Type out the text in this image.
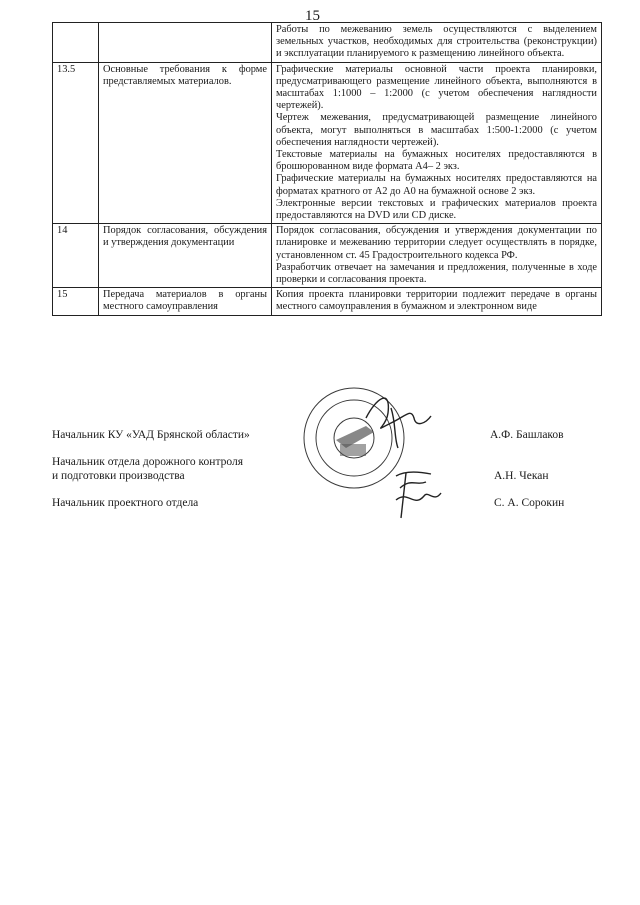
15

		Работы по межеванию земель осуществляются с выделением земельных участков, необходимых для строительства (реконструкции) и эксплуатации планируемого к размещению линейного объекта.

13.5	Основные требования к форме представляемых материалов.	Графические материалы основной части проекта планировки, предусматривающего размещение линейного объекта, выполняются в масштабах 1:1000 – 1:2000 (с учетом обеспечения наглядности чертежей).
Чертеж межевания, предусматривающей размещение линейного объекта, могут выполняться в масштабах 1:500-1:2000 (с учетом обеспечения наглядности чертежей).
Текстовые материалы на бумажных носителях предоставляются в брошюрованном виде формата А4– 2 экз.
Графические материалы на бумажных носителях предоставляются на форматах кратного от А2 до А0 на бумажной основе 2 экз.
Электронные версии текстовых и графических материалов проекта предоставляются на DVD или CD диске.

14	Порядок согласования, обсуждения и утверждения документации	Порядок согласования, обсуждения и утверждения документации по планировке и межеванию территории следует осуществлять в порядке, установленном ст. 45 Градостроительного кодекса РФ.
Разработчик отвечает на замечания и предложения, полученные в ходе проверки и согласования проекта.

15	Передача материалов в органы местного самоуправления	Копия проекта планировки территории подлежит передаче в органы местного самоуправления в бумажном и электронном виде
Начальник КУ «УАД Брянской области»	А.Ф. Башлаков
Начальник отдела дорожного контроля
и подготовки производства	А.Н. Чекан
Начальник проектного отдела	С. А. Сорокин
